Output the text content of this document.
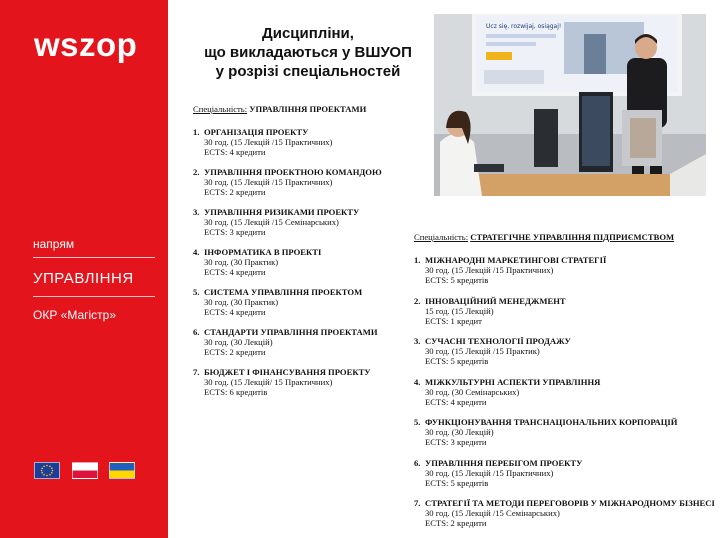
wszop
напрям
УПРАВЛІННЯ
ОКР «Магістр»
Дисципліни,
що викладаються у ВШУОП
у розрізі спеціальностей
Ucz się, rozwijaj, osiągaj!
Спеціальність: УПРАВЛІННЯ ПРОЕКТАМИ
1. ОРГАНІЗАЦІЯ ПРОЕКТУ
30 год. (15 Лекцій /15 Практичних)
ECTS: 4 кредити
2. УПРАВЛІННЯ ПРОЕКТНОЮ КОМАНДОЮ
30 год. (15 Лекцій /15 Практичних)
ECTS: 2 кредити
3. УПРАВЛІННЯ РИЗИКАМИ ПРОЕКТУ
30 год. (15 Лекцій /15 Семінарських)
ECTS: 3 кредити
4. ІНФОРМАТИКА В ПРОЕКТІ
30 год. (30 Практик)
ECTS: 4 кредити
5. СИСТЕМА УПРАВЛІННЯ ПРОЕКТОМ
30 год. (30 Практик)
ECTS: 4 кредити
6. СТАНДАРТИ УПРАВЛІННЯ ПРОЕКТАМИ
30 год. (30 Лекцій)
ECTS: 2 кредити
7. БЮДЖЕТ І ФІНАНСУВАННЯ ПРОЕКТУ
30 год. (15 Лекцій/ 15 Практичних)
ECTS: 6 кредитів
Спеціальність: СТРАТЕГІЧНЕ УПРАВЛІННЯ ПІДПРИЄМСТВОМ
1. МІЖНАРОДНІ МАРКЕТИНГОВІ СТРАТЕГІЇ
30 год. (15 Лекцій /15 Практичних)
ECTS: 5 кредитів
2. ІННОВАЦІЙНИЙ МЕНЕДЖМЕНТ
15 год. (15 Лекцій)
ECTS: 1 кредит
3. СУЧАСНІ ТЕХНОЛОГІЇ ПРОДАЖУ
30 год. (15 Лекцій /15 Практик)
ECTS: 5 кредитів
4. МІЖКУЛЬТУРНІ АСПЕКТИ УПРАВЛІННЯ
30 год. (30 Семінарських)
ECTS: 4 кредити
5. ФУНКЦІОНУВАННЯ ТРАНСНАЦІОНАЛЬНИХ КОРПОРАЦІЙ
30 год. (30 Лекцій)
ECTS: 3 кредити
6. УПРАВЛІННЯ ПЕРЕБІГОМ ПРОЕКТУ
30 год. (15 Лекцій /15 Практичних)
ECTS: 5 кредитів
7. СТРАТЕГІЇ ТА МЕТОДИ ПЕРЕГОВОРІВ У МІЖНАРОДНОМУ БІЗНЕСІ
30 год. (15 Лекцій /15 Семінарських)
ECTS: 2 кредити
